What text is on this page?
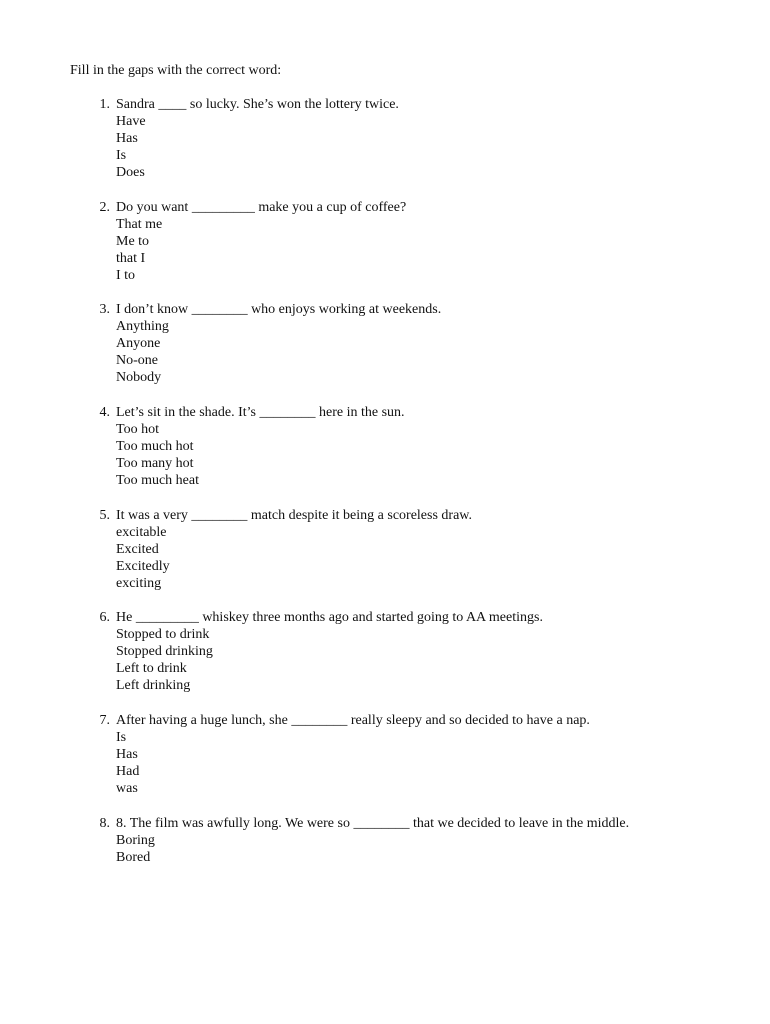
Fill in the gaps with the correct word:

1. Sandra ____ so lucky. She’s won the lottery twice.
Have
Has
Is
Does
2. Do you want _________ make you a cup of coffee?
That me
Me to
that I
I to
3. I don’t know ________ who enjoys working at weekends.
Anything
Anyone
No-one
Nobody
4. Let’s sit in the shade. It’s ________ here in the sun.
Too hot
Too much hot
Too many hot
Too much heat
5. It was a very ________ match despite it being a scoreless draw.
excitable
Excited
Excitedly
exciting
6. He _________ whiskey three months ago and started going to AA meetings.
Stopped to drink
Stopped drinking
Left to drink
Left drinking
7. After having a huge lunch, she ________ really sleepy and so decided to have a nap.
Is
Has
Had
was
8. 8. The film was awfully long. We were so ________ that we decided to leave in the middle.
Boring
Bored
